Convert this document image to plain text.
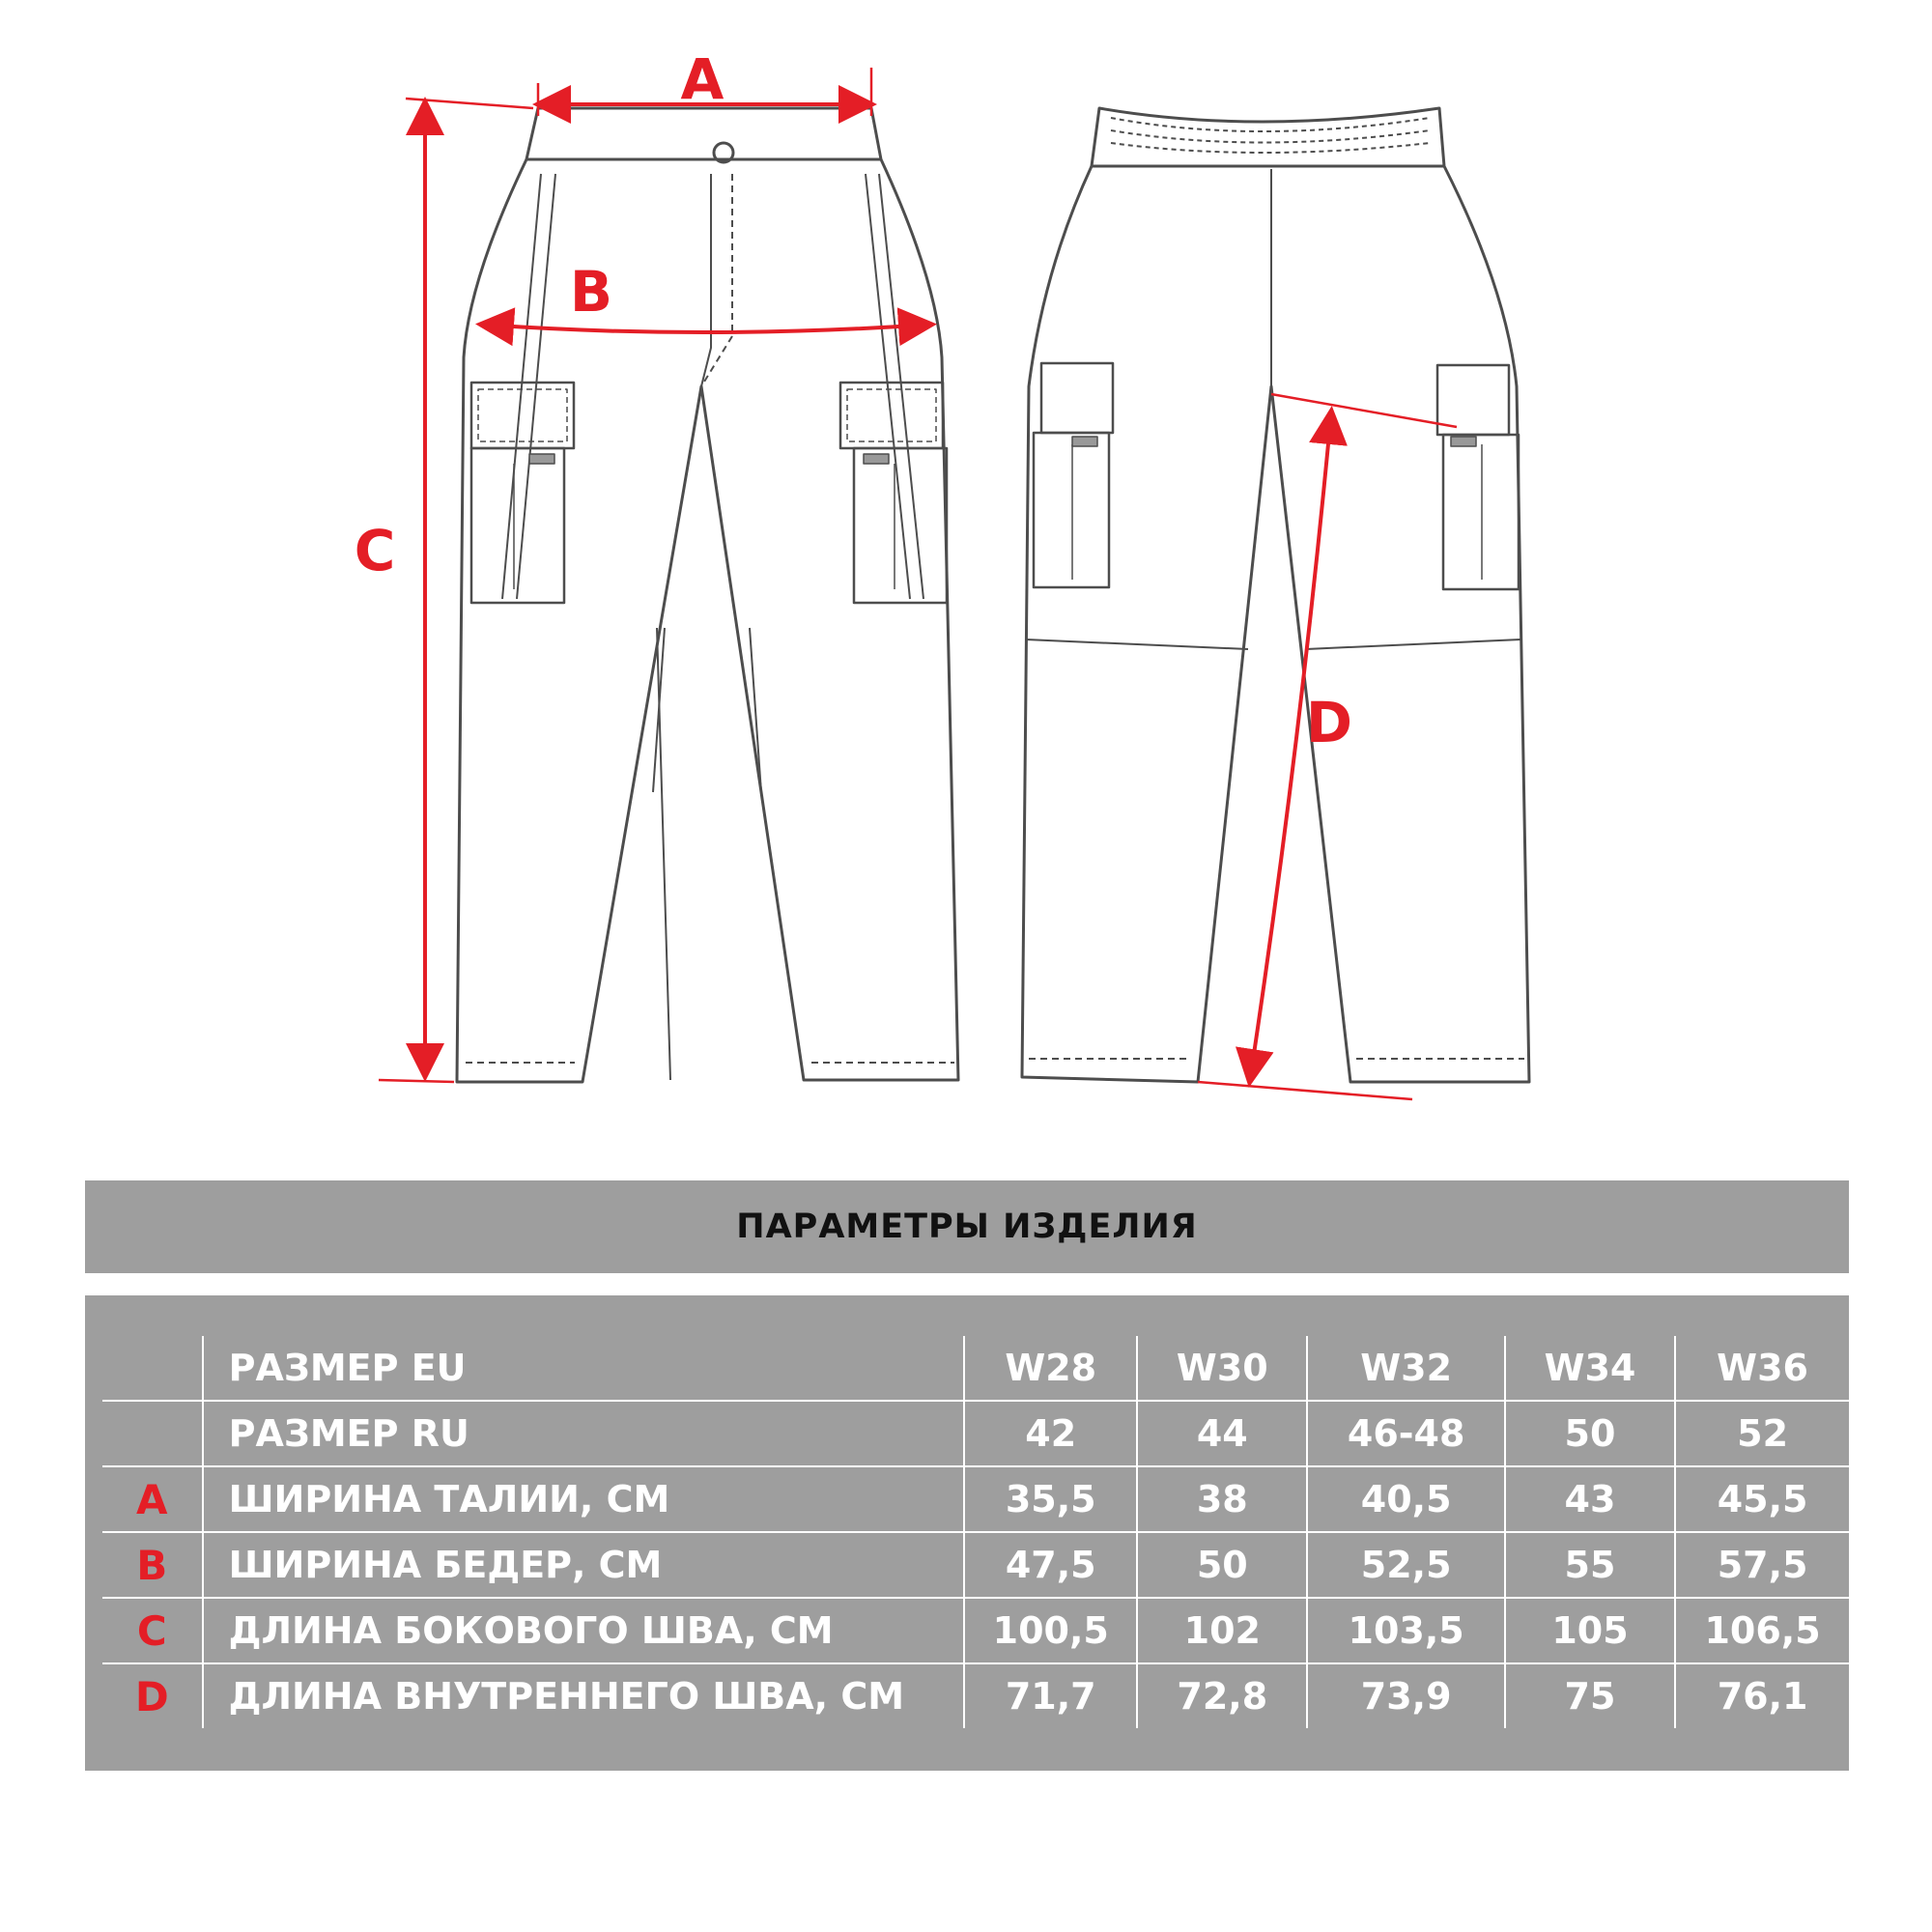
A
B
C
D
ПАРАМЕТРЫ ИЗДЕЛИЯ
	РАЗМЕР EU	W28	W30	W32	W34	W36
	РАЗМЕР RU	42	44	46-48	50	52
A	ШИРИНА ТАЛИИ, СМ	35,5	38	40,5	43	45,5
B	ШИРИНА БЕДЕР, СМ	47,5	50	52,5	55	57,5
C	ДЛИНА БОКОВОГО ШВА, СМ	100,5	102	103,5	105	106,5
D	ДЛИНА ВНУТРЕННЕГО ШВА, СМ	71,7	72,8	73,9	75	76,1
